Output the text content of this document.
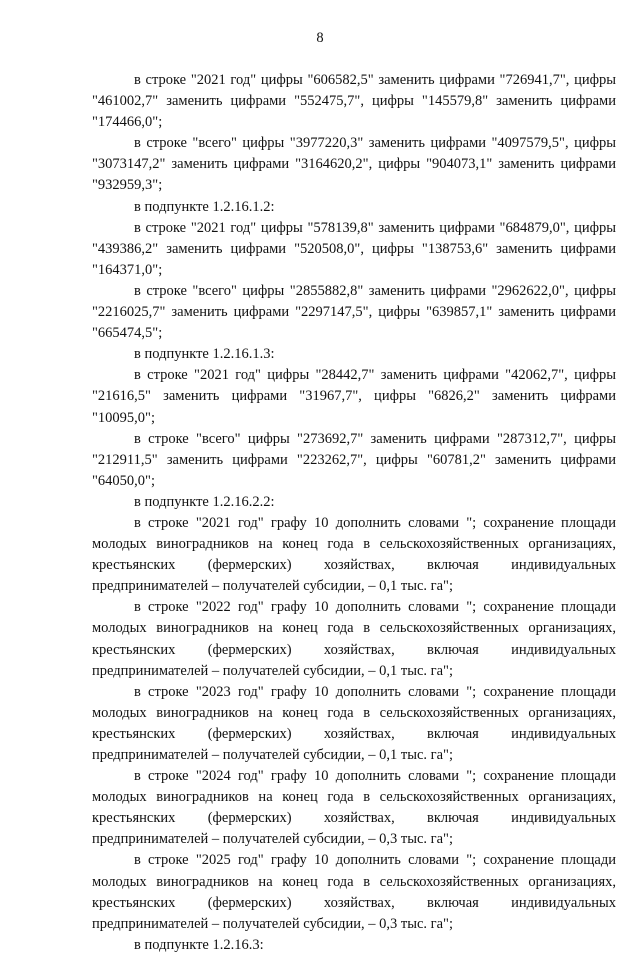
8

в строке "2021 год" цифры "606582,5" заменить цифрами "726941,7", цифры "461002,7" заменить цифрами "552475,7", цифры "145579,8" заменить цифрами "174466,0";

в строке "всего" цифры "3977220,3" заменить цифрами "4097579,5", цифры "3073147,2" заменить цифрами "3164620,2", цифры "904073,1" заменить цифрами "932959,3";

в подпункте 1.2.16.1.2:

в строке "2021 год" цифры "578139,8" заменить цифрами "684879,0", цифры "439386,2" заменить цифрами "520508,0", цифры "138753,6" заменить цифрами "164371,0";

в строке "всего" цифры "2855882,8" заменить цифрами "2962622,0", цифры "2216025,7" заменить цифрами "2297147,5", цифры "639857,1" заменить цифрами "665474,5";

в подпункте 1.2.16.1.3:

в строке "2021 год" цифры "28442,7" заменить цифрами "42062,7", цифры "21616,5" заменить цифрами "31967,7", цифры "6826,2" заменить цифрами "10095,0";

в строке "всего" цифры "273692,7" заменить цифрами "287312,7", цифры "212911,5" заменить цифрами "223262,7", цифры "60781,2" заменить цифрами "64050,0";

в подпункте 1.2.16.2.2:

в строке "2021 год" графу 10 дополнить словами "; сохранение площади молодых виноградников на конец года в сельскохозяйственных организациях, крестьянских (фермерских) хозяйствах, включая индивидуальных предпринимателей – получателей субсидии, – 0,1 тыс. га";

в строке "2022 год" графу 10 дополнить словами "; сохранение площади молодых виноградников на конец года в сельскохозяйственных организациях, крестьянских (фермерских) хозяйствах, включая индивидуальных предпринимателей – получателей субсидии, – 0,1 тыс. га";

в строке "2023 год" графу 10 дополнить словами "; сохранение площади молодых виноградников на конец года в сельскохозяйственных организациях, крестьянских (фермерских) хозяйствах, включая индивидуальных предпринимателей – получателей субсидии, – 0,1 тыс. га";

в строке "2024 год" графу 10 дополнить словами "; сохранение площади молодых виноградников на конец года в сельскохозяйственных организациях, крестьянских (фермерских) хозяйствах, включая индивидуальных предпринимателей – получателей субсидии, – 0,3 тыс. га";

в строке "2025 год" графу 10 дополнить словами "; сохранение площади молодых виноградников на конец года в сельскохозяйственных организациях, крестьянских (фермерских) хозяйствах, включая индивидуальных предпринимателей – получателей субсидии, – 0,3 тыс. га";

в подпункте 1.2.16.3:
